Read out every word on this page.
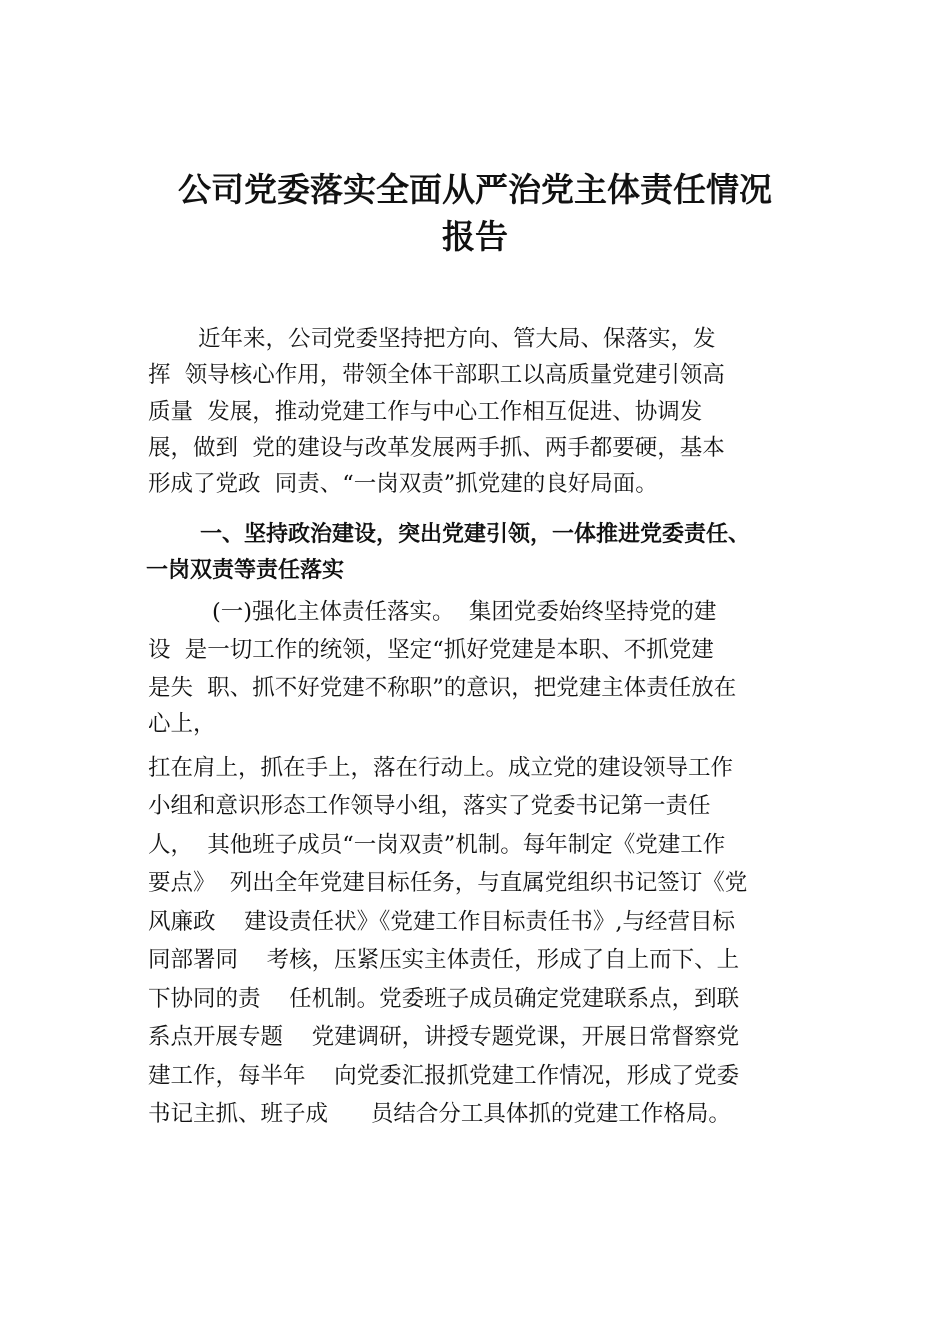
公司党委落实全面从严治党主体责任情况
报告

近年来，公司党委坚持把方向、管大局、保落实，发

挥  领导核心作用，带领全体干部职工以高质量党建引领高

质量  发展，推动党建工作与中心工作相互促进、协调发

展，做到  党的建设与改革发展两手抓、两手都要硬，基本

形成了党政  同责、“一岗双责”抓党建的良好局面。

一、坚持政治建设，突出党建引领，一体推进党委责任、

一岗双责等责任落实

(一)强化主体责任落实。  集团党委始终坚持党的建

设  是一切工作的统领，坚定“抓好党建是本职、不抓党建

是失  职、抓不好党建不称职”的意识，把党建主体责任放在

心上，

扛在肩上，抓在手上，落在行动上。成立党的建设领导工作

小组和意识形态工作领导小组，落实了党委书记第一责任

人，  其他班子成员“一岗双责”机制。每年制定《党建工作

要点》  列出全年党建目标任务，与直属党组织书记签订《党

风廉政    建设责任状》《党建工作目标责任书》,与经营目标

同部署同    考核，压紧压实主体责任，形成了自上而下、上

下协同的责    任机制。党委班子成员确定党建联系点，到联

系点开展专题    党建调研，讲授专题党课，开展日常督察党

建工作，每半年    向党委汇报抓党建工作情况，形成了党委

书记主抓、班子成      员结合分工具体抓的党建工作格局。
